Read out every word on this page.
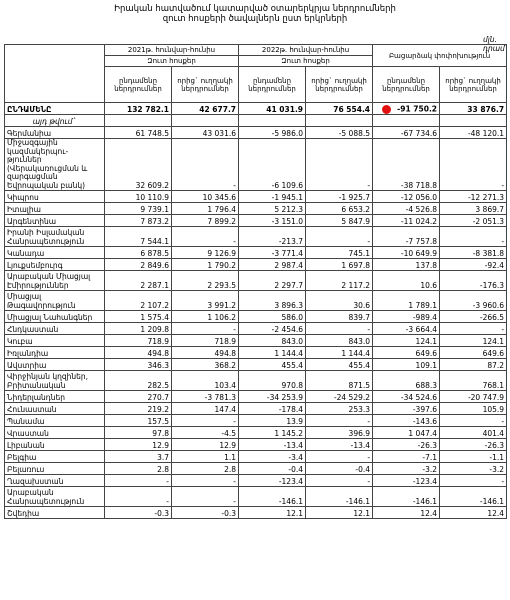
Իրական հատվածում կատարված օտարերկրյա ներդրումների
զուտ հոսքերի ծավալներն ըստ երկրների
մլն. դրամ
	2021թ. հունվար-հունիս		2022թ. հունվար-հունիս		Բացարձակ փոփոխություն	
	Զուտ հոսքեր		Զուտ հոսքեր			
	ընդամենը ներդրումներ	որից` ուղղակի ներդրումներ	ընդամենը ներդրումներ	որից` ուղղակի ներդրումներ	ընդամենը ներդրումներ	որից` ուղղակի ներդրումներ
ԸՆԴԱՄԵՆԸ	132 782.1	42 677.7	41 031.9	76 554.4	-91 750.2	33 876.7
այդ թվում`						
Գերմանիա	61 748.5	43 031.6	-5 986.0	-5 088.5	-67 734.6	-48 120.1
Միջազգային կազմակերպու-թյուններ (Վերակառուցման և զարգացման Եվրոպական բանկ)	32 609.2	-	-6 109.6	-	-38 718.8	-
Կիպրոս	10 110.9	10 345.6	-1 945.1	-1 925.7	-12 056.0	-12 271.3
Իտալիա	9 739.1	1 796.4	5 212.3	6 653.2	-4 526.8	3 869.7
Արգենտինա	7 873.2	7 899.2	-3 151.0	5 847.9	-11 024.2	-2 051.3
Իրանի Իսլամական Հանրապետություն	7 544.1	-	-213.7	-	-7 757.8	-
Կանադա	6 878.5	9 126.9	-3 771.4	745.1	-10 649.9	-8 381.8
Լյուքսեմբուրգ	2 849.6	1 790.2	2 987.4	1 697.8	137.8	-92.4
Արաբական Միացյալ Էմիրություններ	2 287.1	2 293.5	2 297.7	2 117.2	10.6	-176.3
Միացյալ Թագավորություն	2 107.2	3 991.2	3 896.3	30.6	1 789.1	-3 960.6
Միացյալ Նահանգներ	1 575.4	1 106.2	586.0	839.7	-989.4	-266.5
Հնդկաստան	1 209.8	-	-2 454.6	-	-3 664.4	-
Կուբա	718.9	718.9	843.0	843.0	124.1	124.1
Իռլանդիա	494.8	494.8	1 144.4	1 144.4	649.6	649.6
Ավստրիա	346.3	368.2	455.4	455.4	109.1	87.2
Վիրջինյան կղզիներ, Բրիտանական	282.5	103.4	970.8	871.5	688.3	768.1
Նիդերլանդներ	270.7	-3 781.3	-34 253.9	-24 529.2	-34 524.6	-20 747.9
Հունաստան	219.2	147.4	-178.4	253.3	-397.6	105.9
Պանամա	157.5	-	13.9	-	-143.6	-
Վրաստան	97.8	-4.5	1 145.2	396.9	1 047.4	401.4
Լիբանան	12.9	12.9	-13.4	-13.4	-26.3	-26.3
Բելգիա	3.7	1.1	-3.4	-	-7.1	-1.1
Բելառուս	2.8	2.8	-0.4	-0.4	-3.2	-3.2
Ղազախստան	-	-	-123.4	-	-123.4	-
Արաբական Հանրապետություն	-	-	-146.1	-146.1	-146.1	-146.1
Շվեդիա	-0.3	-0.3	12.1	12.1	12.4	12.4
